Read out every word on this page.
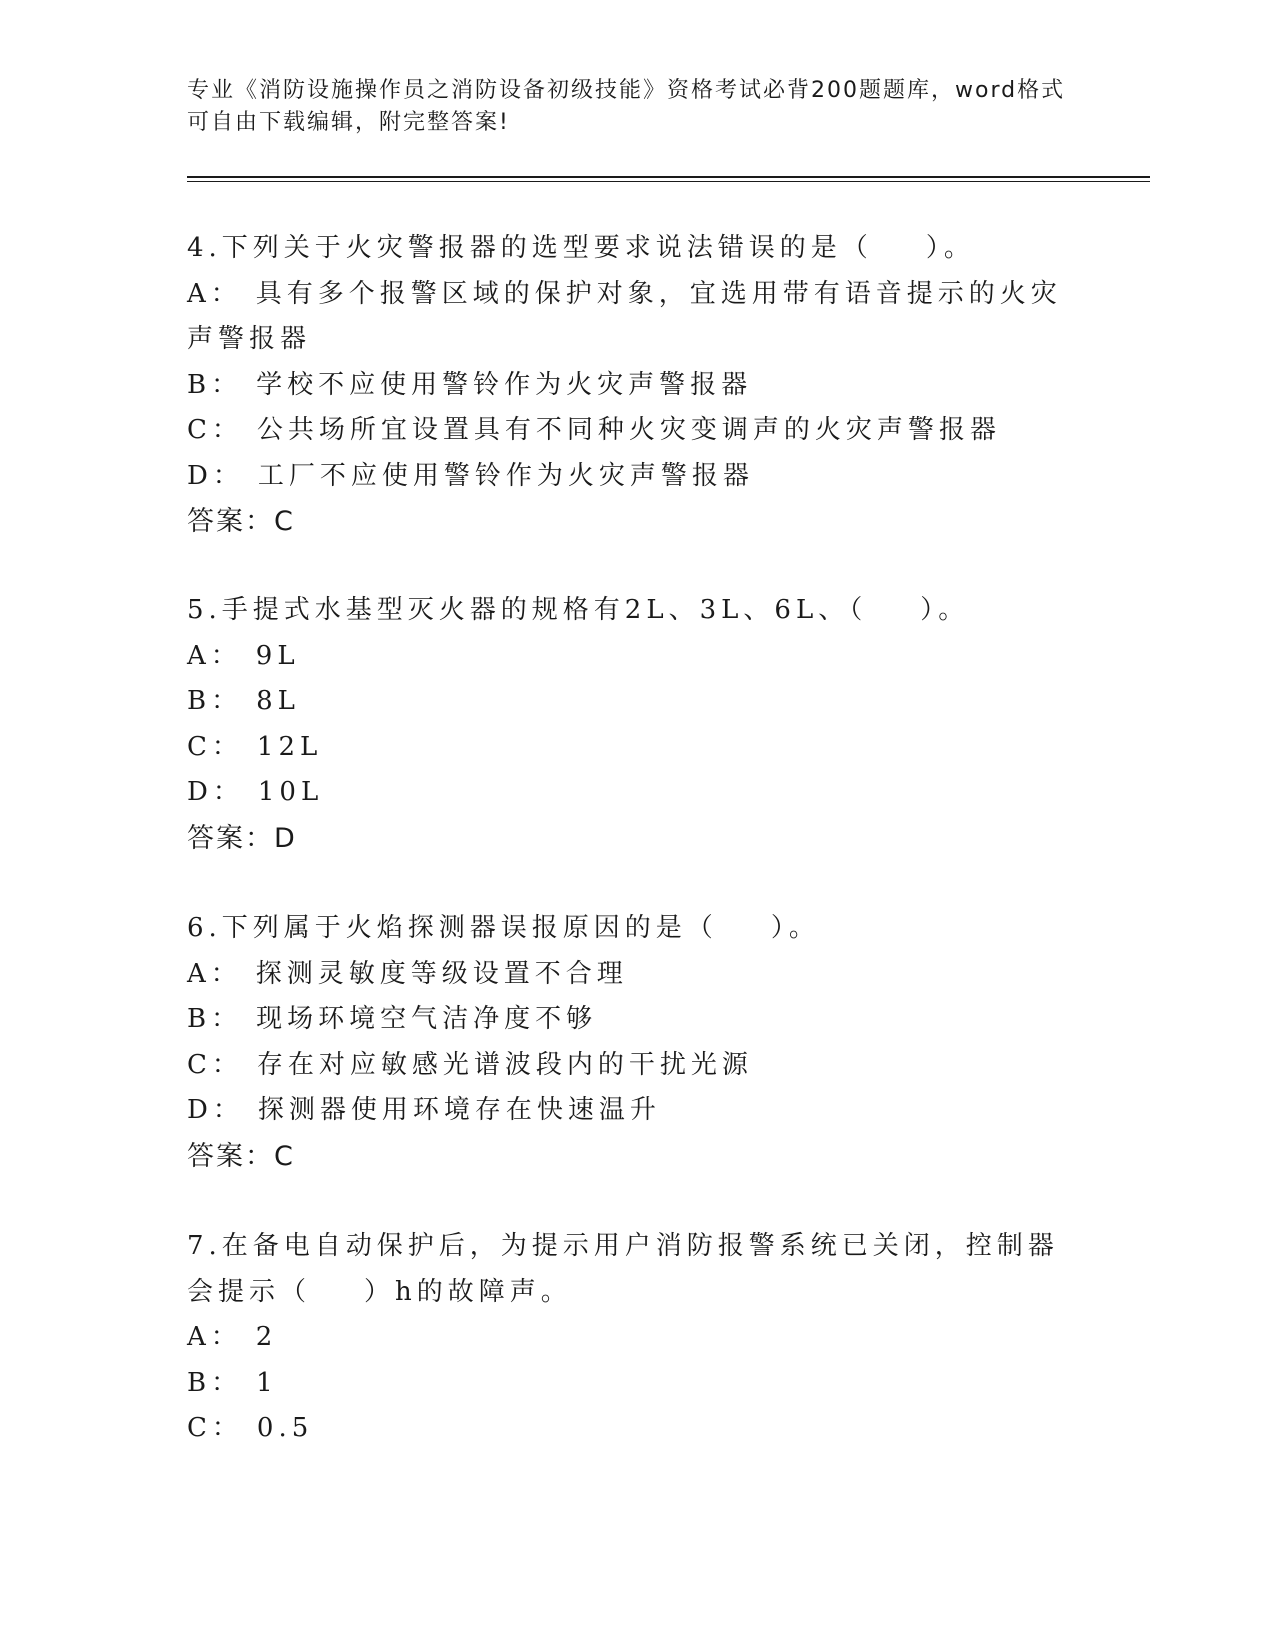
专业《消防设施操作员之消防设备初级技能》资格考试必背200题题库，word格式可自由下载编辑，附完整答案!
4.下列关于火灾警报器的选型要求说法错误的是（    ）。
A： 具有多个报警区域的保护对象，宜选用带有语音提示的火灾声警报器
B： 学校不应使用警铃作为火灾声警报器
C： 公共场所宜设置具有不同种火灾变调声的火灾声警报器
D： 工厂不应使用警铃作为火灾声警报器
答案：C
5.手提式水基型灭火器的规格有2L、3L、6L、（    ）。
A： 9L
B： 8L
C： 12L
D： 10L
答案：D
6.下列属于火焰探测器误报原因的是（    ）。
A： 探测灵敏度等级设置不合理
B： 现场环境空气洁净度不够
C： 存在对应敏感光谱波段内的干扰光源
D： 探测器使用环境存在快速温升
答案：C
7.在备电自动保护后，为提示用户消防报警系统已关闭，控制器会提示（    ）h的故障声。
A： 2
B： 1
C： 0.5
